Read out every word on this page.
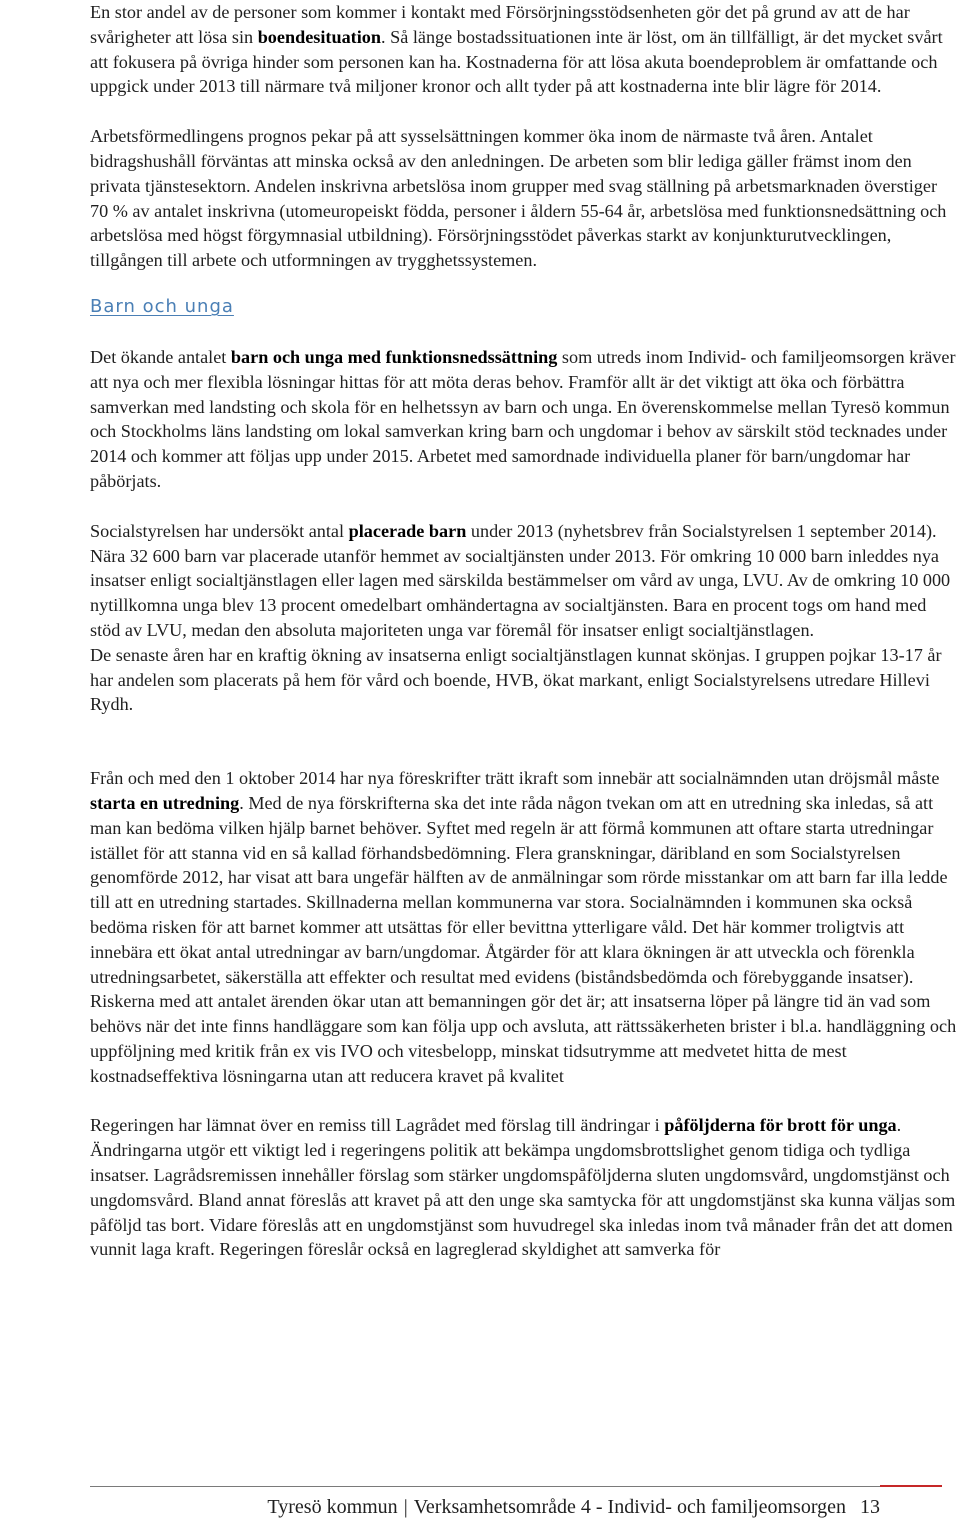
En stor andel av de personer som kommer i kontakt med Försörjningsstödsenheten gör det på grund av att de har svårigheter att lösa sin boendesituation. Så länge bostadssituationen inte är löst, om än tillfälligt, är det mycket svårt att fokusera på övriga hinder som personen kan ha. Kostnaderna för att lösa akuta boendeproblem är omfattande och uppgick under 2013 till närmare två miljoner kronor och allt tyder på att kostnaderna inte blir lägre för 2014.

Arbetsförmedlingens prognos pekar på att sysselsättningen kommer öka inom de närmaste två åren. Antalet bidragshushåll förväntas att minska också av den anledningen. De arbeten som blir lediga gäller främst inom den privata tjänstesektorn. Andelen inskrivna arbetslösa inom grupper med svag ställning på arbetsmarknaden överstiger 70 % av antalet inskrivna (utomeuropeiskt födda, personer i åldern 55-64 år, arbetslösa med funktionsnedsättning och arbetslösa med högst förgymnasial utbildning). Försörjningsstödet påverkas starkt av konjunkturutvecklingen, tillgången till arbete och utformningen av trygghetssystemen.

Barn och unga

Det ökande antalet barn och unga med funktionsnedssättning som utreds inom Individ- och familjeomsorgen kräver att nya och mer flexibla lösningar hittas för att möta deras behov. Framför allt är det viktigt att öka och förbättra samverkan med landsting och skola för en helhetssyn av barn och unga. En överenskommelse mellan Tyresö kommun och Stockholms läns landsting om lokal samverkan kring barn och ungdomar i behov av särskilt stöd tecknades under 2014 och kommer att följas upp under 2015. Arbetet med samordnade individuella planer för barn/ungdomar har påbörjats.

Socialstyrelsen har undersökt antal placerade barn under 2013 (nyhetsbrev från Socialstyrelsen 1 september 2014). Nära 32 600 barn var placerade utanför hemmet av socialtjänsten under 2013. För omkring 10 000 barn inleddes nya insatser enligt socialtjänstlagen eller lagen med särskilda bestämmelser om vård av unga, LVU. Av de omkring 10 000 nytillkomna unga blev 13 procent omedelbart omhändertagna av socialtjänsten. Bara en procent togs om hand med stöd av LVU, medan den absoluta majoriteten unga var föremål för insatser enligt socialtjänstlagen.
De senaste åren har en kraftig ökning av insatserna enligt socialtjänstlagen kunnat skönjas. I gruppen pojkar 13-17 år har andelen som placerats på hem för vård och boende, HVB, ökat markant, enligt Socialstyrelsens utredare Hillevi Rydh.

Från och med den 1 oktober 2014 har nya föreskrifter trätt ikraft som innebär att socialnämnden utan dröjsmål måste starta en utredning. Med de nya förskrifterna ska det inte råda någon tvekan om att en utredning ska inledas, så att man kan bedöma vilken hjälp barnet behöver. Syftet med regeln är att förmå kommunen att oftare starta utredningar istället för att stanna vid en så kallad förhandsbedömning. Flera granskningar, däribland en som Socialstyrelsen genomförde 2012, har visat att bara ungefär hälften av de anmälningar som rörde misstankar om att barn far illa ledde till att en utredning startades. Skillnaderna mellan kommunerna var stora. Socialnämnden i kommunen ska också bedöma risken för att barnet kommer att utsättas för eller bevittna ytterligare våld. Det här kommer troligtvis att innebära ett ökat antal utredningar av barn/ungdomar. Åtgärder för att klara ökningen är att utveckla och förenkla utredningsarbetet, säkerställa att effekter och resultat med evidens (biståndsbedömda och förebyggande insatser). Riskerna med att antalet ärenden ökar utan att bemanningen gör det är; att insatserna löper på längre tid än vad som behövs när det inte finns handläggare som kan följa upp och avsluta, att rättssäkerheten brister i bl.a. handläggning och uppföljning med kritik från ex vis IVO och vitesbelopp, minskat tidsutrymme att medvetet hitta de mest kostnadseffektiva lösningarna utan att reducera kravet på kvalitet

Regeringen har lämnat över en remiss till Lagrådet med förslag till ändringar i påföljderna för brott för unga. Ändringarna utgör ett viktigt led i regeringens politik att bekämpa ungdomsbrottslighet genom tidiga och tydliga insatser. Lagrådsremissen innehåller förslag som stärker ungdomspåföljderna sluten ungdomsvård, ungdomstjänst och ungdomsvård. Bland annat föreslås att kravet på att den unge ska samtycka för att ungdomstjänst ska kunna väljas som påföljd tas bort. Vidare föreslås att en ungdomstjänst som huvudregel ska inledas inom två månader från det att domen vunnit laga kraft. Regeringen föreslår också en lagreglerad skyldighet att samverka för

Tyresö kommun | Verksamhetsområde 4 - Individ- och familjeomsorgen 13
